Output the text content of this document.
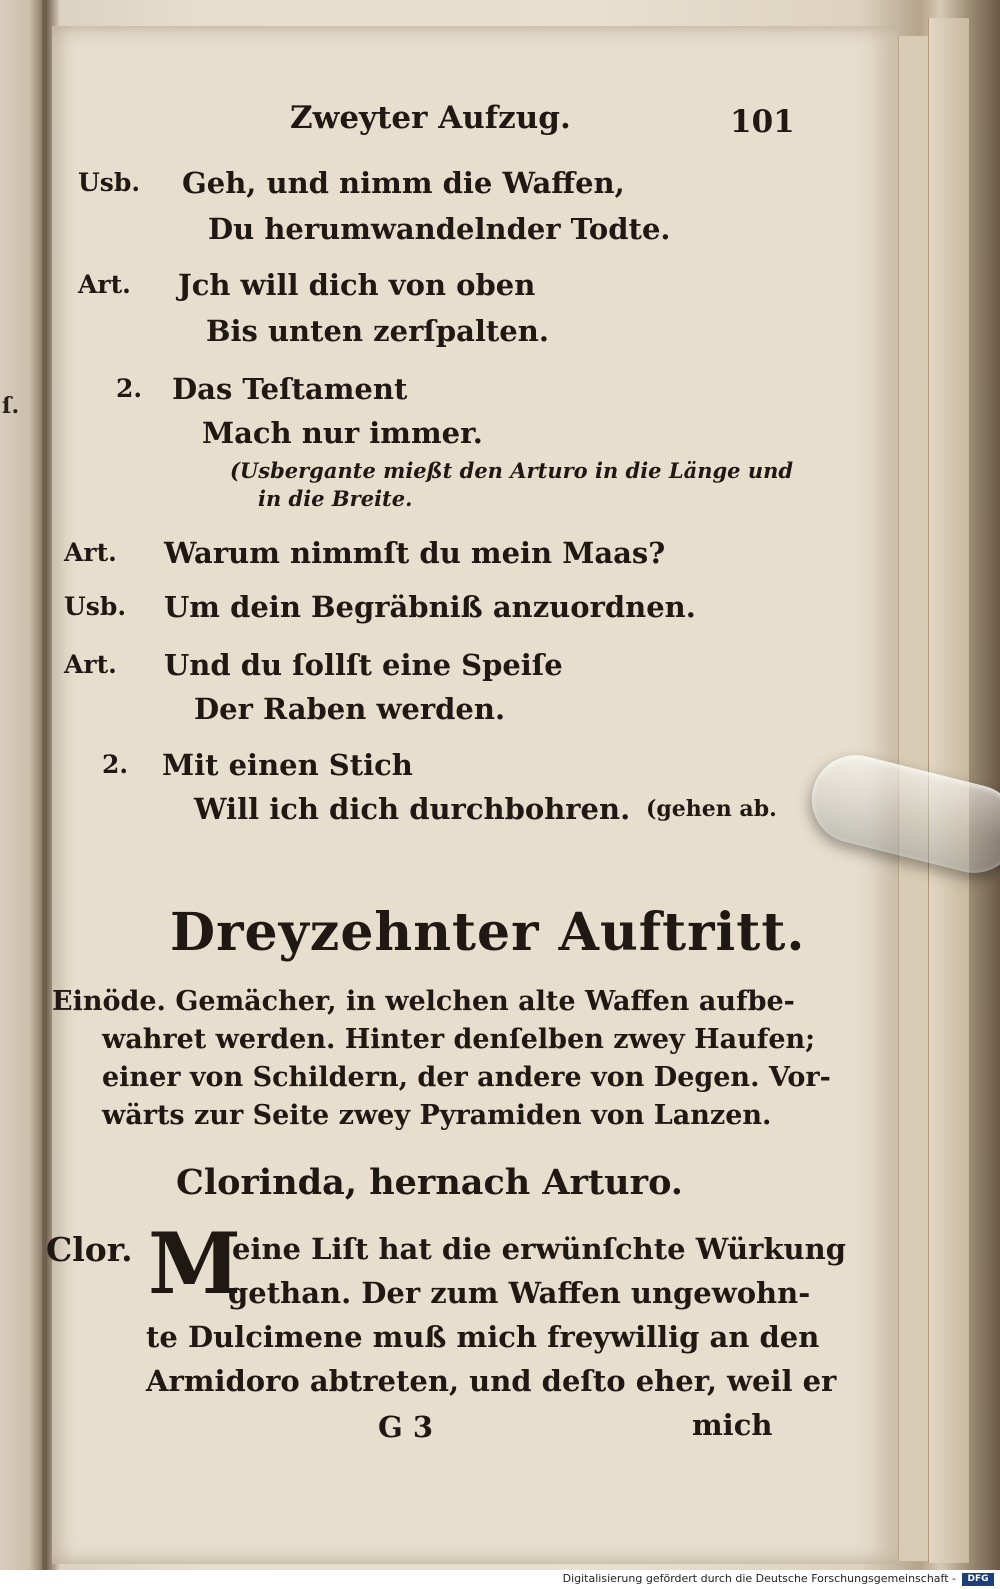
ſ.
Zweyter Aufzug.	101
Usb. Geh, und nimm die Waffen,
Du herumwandelnder Todte.
Art. Jch will dich von oben
Bis unten zerſpalten.
2. Das Teſtament
Mach nur immer.
(Usbergante mießt den Arturo in die Länge und
in die Breite.
Art. Warum nimmſt du mein Maas?
Usb. Um dein Begräbniß anzuordnen.
Art. Und du ſollſt eine Speiſe
Der Raben werden.
2. Mit einen Stich
Will ich dich durchbohren. (gehen ab.
Dreyzehnter Auftritt.
Einöde. Gemächer, in welchen alte Waffen aufbe-
wahret werden. Hinter denſelben zwey Haufen;
einer von Schildern, der andere von Degen. Vor-
wärts zur Seite zwey Pyramiden von Lanzen.
Clorinda, hernach Arturo.
Clor. M
eine Liſt hat die erwünſchte Würkung
gethan. Der zum Waffen ungewohn-
te Dulcimene muß mich freywillig an den
Armidoro abtreten, und deſto eher, weil er
G 3	mich
Digitalisierung gefördert durch die Deutsche Forschungsgemeinschaft -	DFG
